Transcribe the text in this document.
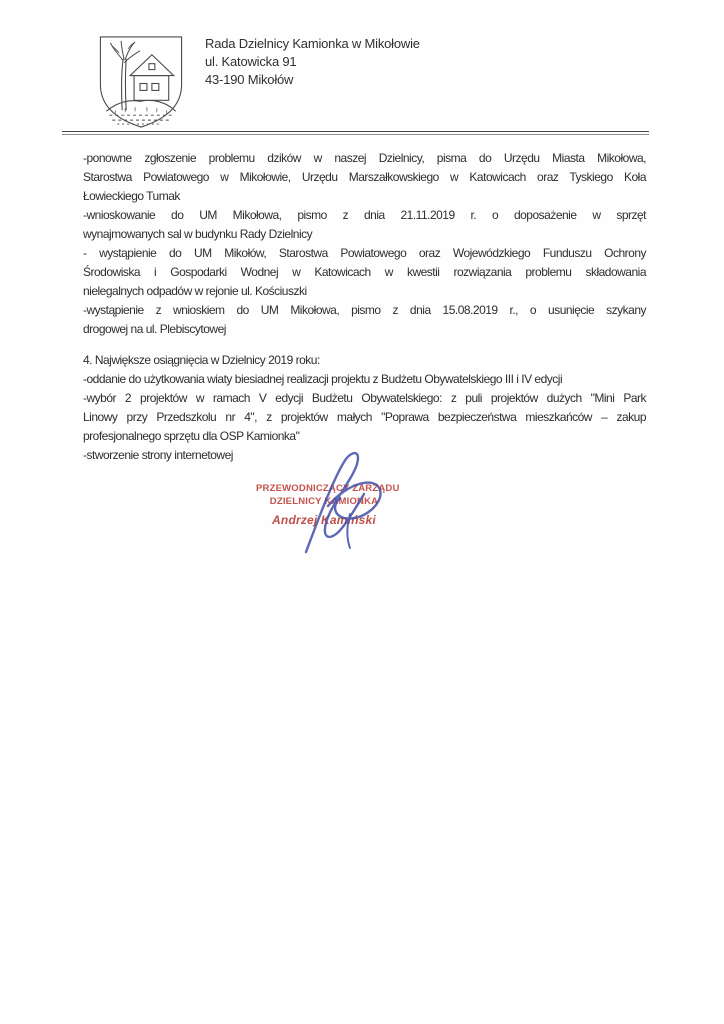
Rada Dzielnicy Kamionka w Mikołowie
ul. Katowicka 91
43-190 Mikołów
-ponowne zgłoszenie problemu dzików w naszej Dzielnicy, pisma do Urzędu Miasta Mikołowa,
Starostwa Powiatowego w Mikołowie, Urzędu Marszałkowskiego w Katowicach oraz Tyskiego Koła
Łowieckiego Tumak
-wnioskowanie do UM Mikołowa, pismo z dnia 21.11.2019 r. o doposażenie w sprzęt
wynajmowanych sal w budynku Rady Dzielnicy
- wystąpienie do UM Mikołów, Starostwa Powiatowego oraz Wojewódzkiego Funduszu Ochrony
Środowiska i Gospodarki Wodnej w Katowicach w kwestii rozwiązania problemu składowania
nielegalnych odpadów w rejonie ul. Kościuszki
-wystąpienie z wnioskiem do UM Mikołowa, pismo z dnia 15.08.2019 r., o usunięcie szykany
drogowej na ul. Plebiscytowej
4. Największe osiągnięcia w Dzielnicy 2019 roku:
-oddanie do użytkowania wiaty biesiadnej realizacji projektu z Budżetu Obywatelskiego III i IV edycji
-wybór 2 projektów w ramach V edycji Budżetu Obywatelskiego: z puli projektów dużych "Mini Park
Linowy przy Przedszkolu nr 4", z projektów małych "Poprawa bezpieczeństwa mieszkańców – zakup
profesjonalnego sprzętu dla OSP Kamionka"
-stworzenie strony internetowej
PRZEWODNICZĄCY ZARZĄDU
DZIELNICY KAMIONKA
Andrzej Kamiński
